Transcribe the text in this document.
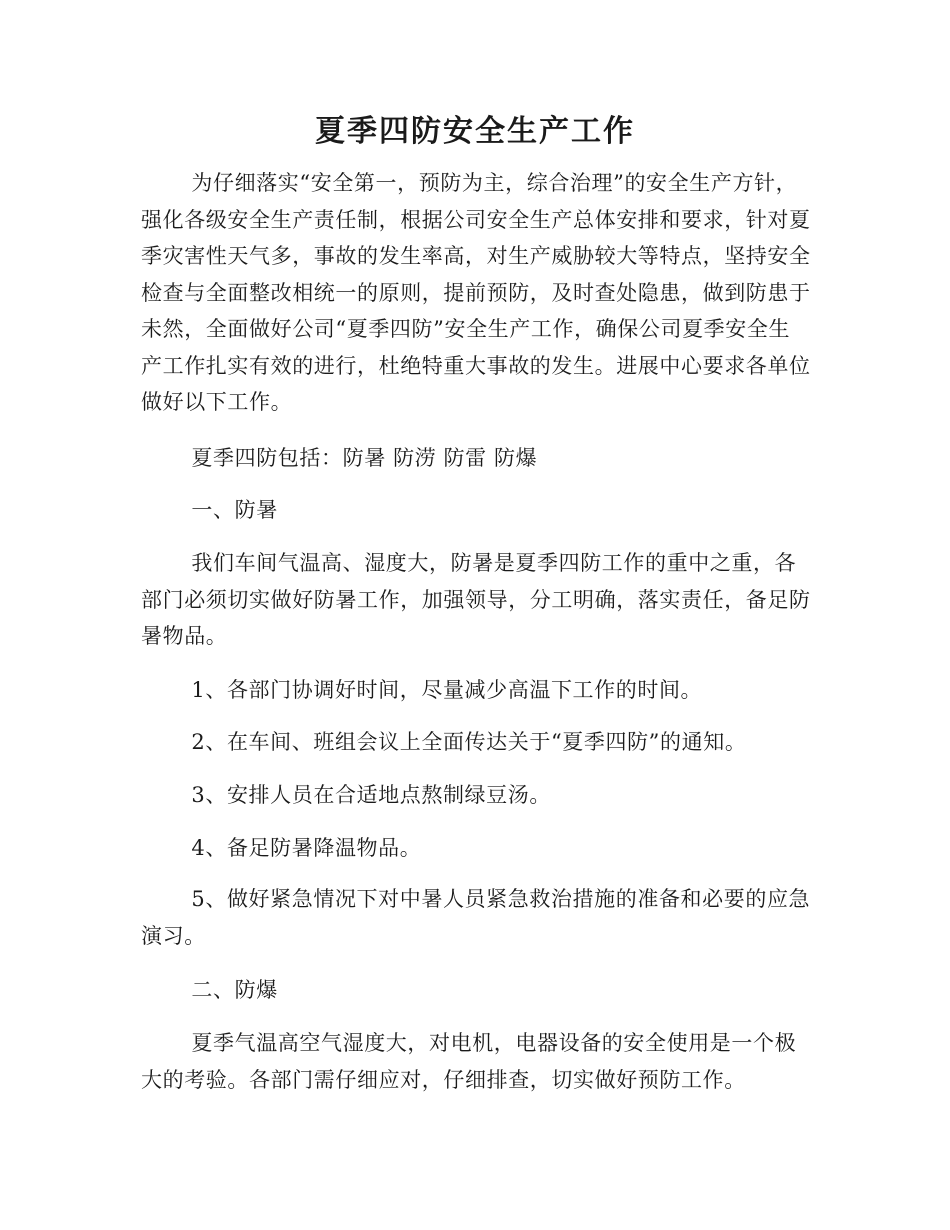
夏季四防安全生产工作

为仔细落实“安全第一，预防为主，综合治理”的安全生产方针，强化各级安全生产责任制，根据公司安全生产总体安排和要求，针对夏季灾害性天气多，事故的发生率高，对生产威胁较大等特点，坚持安全检查与全面整改相统一的原则，提前预防，及时查处隐患，做到防患于未然，全面做好公司“夏季四防”安全生产工作，确保公司夏季安全生产工作扎实有效的进行，杜绝特重大事故的发生。进展中心要求各单位做好以下工作。

夏季四防包括：防暑 防涝 防雷 防爆

一、防暑

我们车间气温高、湿度大，防暑是夏季四防工作的重中之重，各部门必须切实做好防暑工作，加强领导，分工明确，落实责任，备足防暑物品。

1、各部门协调好时间，尽量减少高温下工作的时间。

2、在车间、班组会议上全面传达关于“夏季四防”的通知。

3、安排人员在合适地点熬制绿豆汤。

4、备足防暑降温物品。

5、做好紧急情况下对中暑人员紧急救治措施的准备和必要的应急演习。

二、防爆

夏季气温高空气湿度大，对电机，电器设备的安全使用是一个极大的考验。各部门需仔细应对，仔细排查，切实做好预防工作。
